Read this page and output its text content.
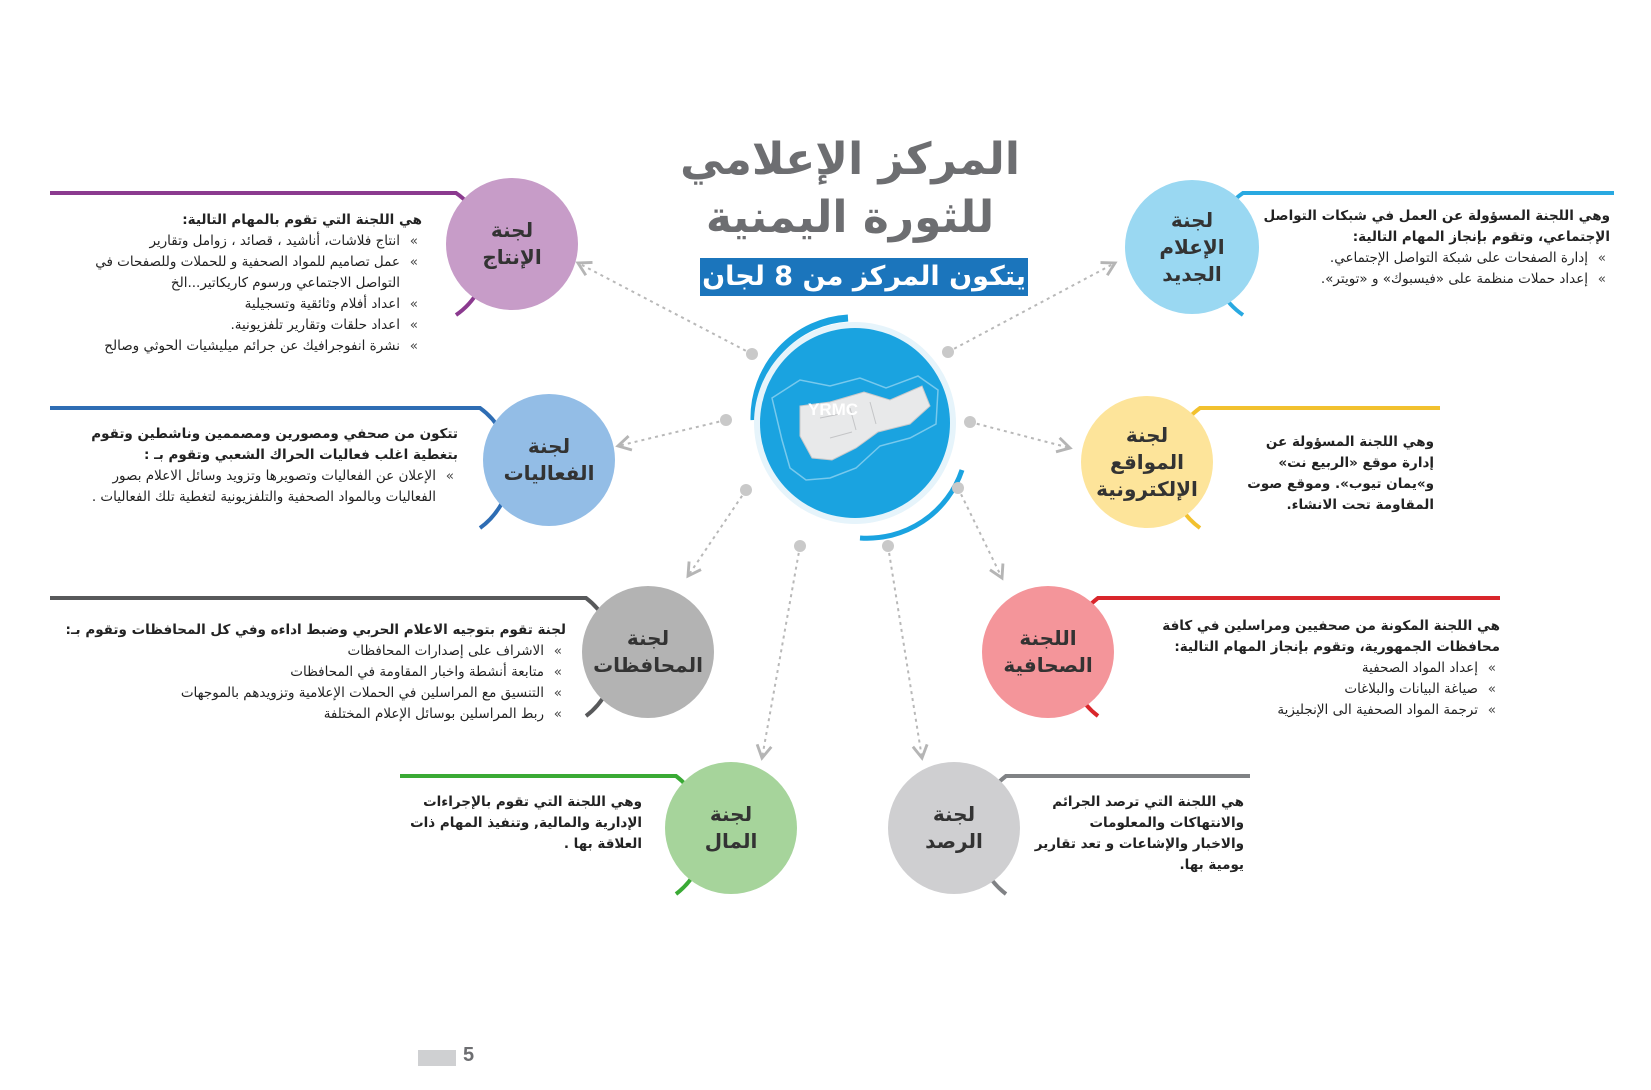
المركز الإعلامي
للثورة اليمنية
يتكون المركز من 8 لجان
YRMC
لجنة
الإعلام
الجديد
لجنة
الإنتاج
لجنة
المواقع
الإلكترونية
لجنة
الفعاليات
اللجنة
الصحافية
لجنة
المحافظات
لجنة
الرصد
لجنة
المال
وهي اللجنة المسؤولة عن العمل في شبكات التواصل الإجتماعي، وتقوم بإنجاز المهام التالية:
» إدارة الصفحات على شبكة التواصل الإجتماعي.
» إعداد حملات منظمة على «فيسبوك» و «تويتر».
هي اللجنة التي تقوم بالمهام التالية:
» انتاج فلاشات، أناشيد ، قصائد ، زوامل وتقارير
» عمل تصاميم للمواد الصحفية و للحملات وللصفحات في التواصل الاجتماعي ورسوم كاريكاتير...الخ
» اعداد أفلام وثائقية وتسجيلية
» اعداد حلقات وتقارير تلفزيونية.
» نشرة انفوجرافيك عن جرائم ميليشيات الحوثي وصالح
وهي اللجنة المسؤولة عن إدارة موقع «الربيع نت» و»يمان تيوب». وموقع صوت المقاومة تحت الانشاء.
تتكون من صحفي ومصورين ومصممين وناشطين وتقوم بتغطية اغلب فعاليات الحراك الشعبي وتقوم بـ :
» الإعلان عن الفعاليات وتصويرها وتزويد وسائل الاعلام بصور الفعاليات وبالمواد الصحفية والتلفزيونية لتغطية تلك الفعاليات .
هي اللجنة المكونة من صحفيين ومراسلين في كافة محافظات الجمهورية، وتقوم بإنجاز المهام التالية:
» إعداد المواد الصحفية
» صياغة البيانات والبلاغات
» ترجمة المواد الصحفية الى الإنجليزية
لجنة تقوم بتوجيه الاعلام الحربي وضبط اداءه وفي كل المحافظات وتقوم بـ:
» الاشراف على إصدارات المحافظات
» متابعة أنشطة واخبار المقاومة في المحافظات
» التنسيق مع المراسلين في الحملات الإعلامية وتزويدهم بالموجهات
» ربط المراسلين بوسائل الإعلام المختلفة
هي اللجنة التي ترصد الجرائم والانتهاكات والمعلومات والاخبار والإشاعات و تعد تقارير يومية بها.
وهي اللجنة التي تقوم بالإجراءات الإدارية والمالية, وتنفيذ المهام ذات العلاقة بها .
5
